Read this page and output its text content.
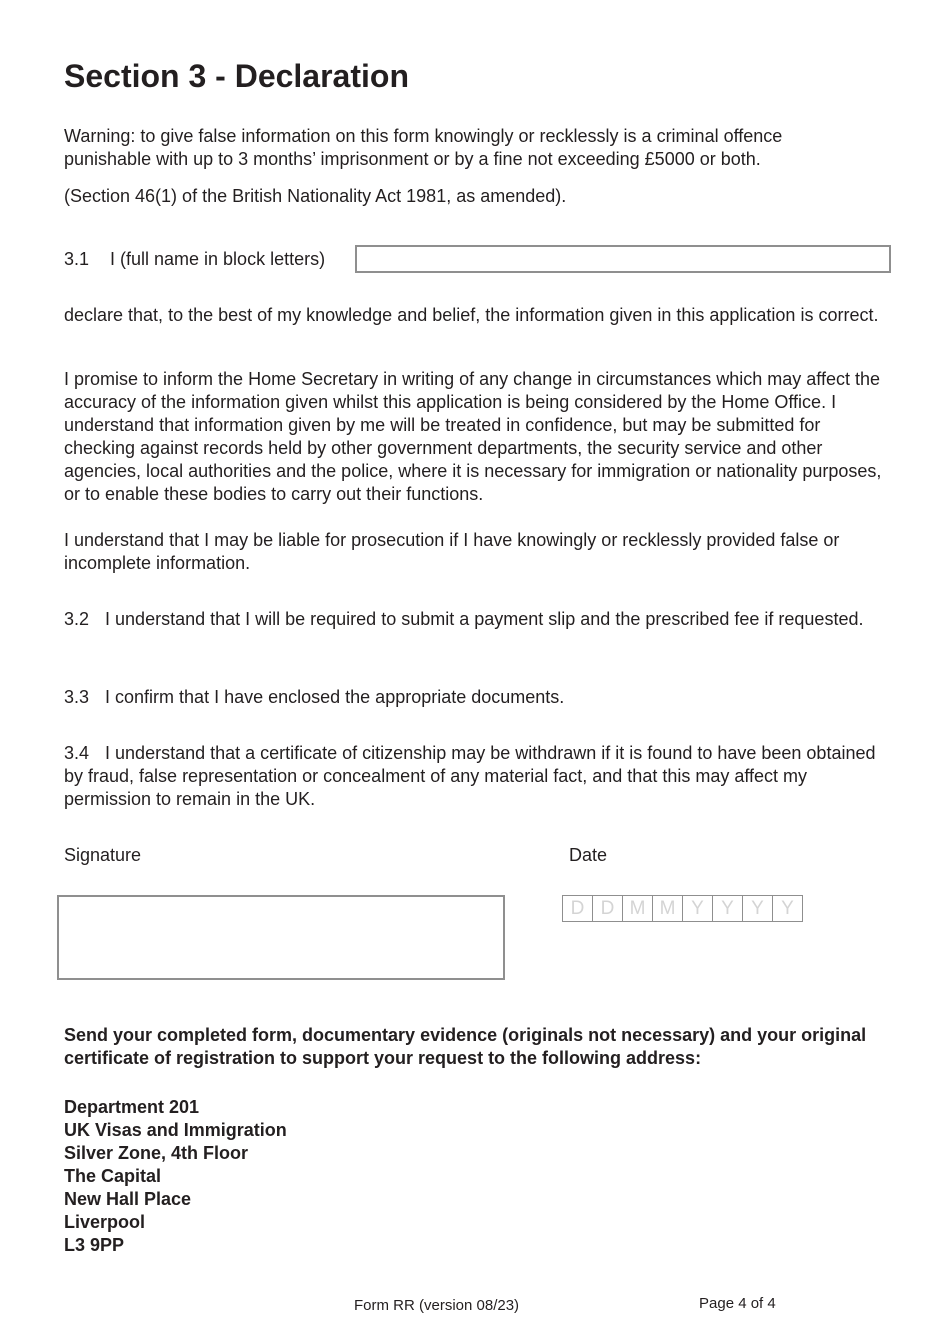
Section 3 - Declaration

Warning: to give false information on this form knowingly or recklessly is a criminal offence
punishable with up to 3 months’ imprisonment or by a fine not exceeding £5000 or both.

(Section 46(1) of the British Nationality Act 1981, as amended).

3.1 I (full name in block letters)

declare that, to the best of my knowledge and belief, the information given in this application is correct.

I promise to inform the Home Secretary in writing of any change in circumstances which may affect the accuracy of the information given whilst this application is being considered by the Home Office. I understand that information given by me will be treated in confidence, but may be submitted for checking against records held by other government departments, the security service and other agencies, local authorities and the police, where it is necessary for immigration or nationality purposes, or to enable these bodies to carry out their functions.

I understand that I may be liable for prosecution if I have knowingly or recklessly provided false or incomplete information.

3.2 I understand that I will be required to submit a payment slip and the prescribed fee if requested.

3.3 I confirm that I have enclosed the appropriate documents.

3.4 I understand that a certificate of citizenship may be withdrawn if it is found to have been obtained by fraud, false representation or concealment of any material fact, and that this may affect my permission to remain in the UK.

Signature	Date
D D M M Y Y Y Y

Send your completed form, documentary evidence (originals not necessary) and your original certificate of registration to support your request to the following address:

Department 201
UK Visas and Immigration
Silver Zone, 4th Floor
The Capital
New Hall Place
Liverpool
L3 9PP
Form RR (version 08/23)	Page 4 of 4
